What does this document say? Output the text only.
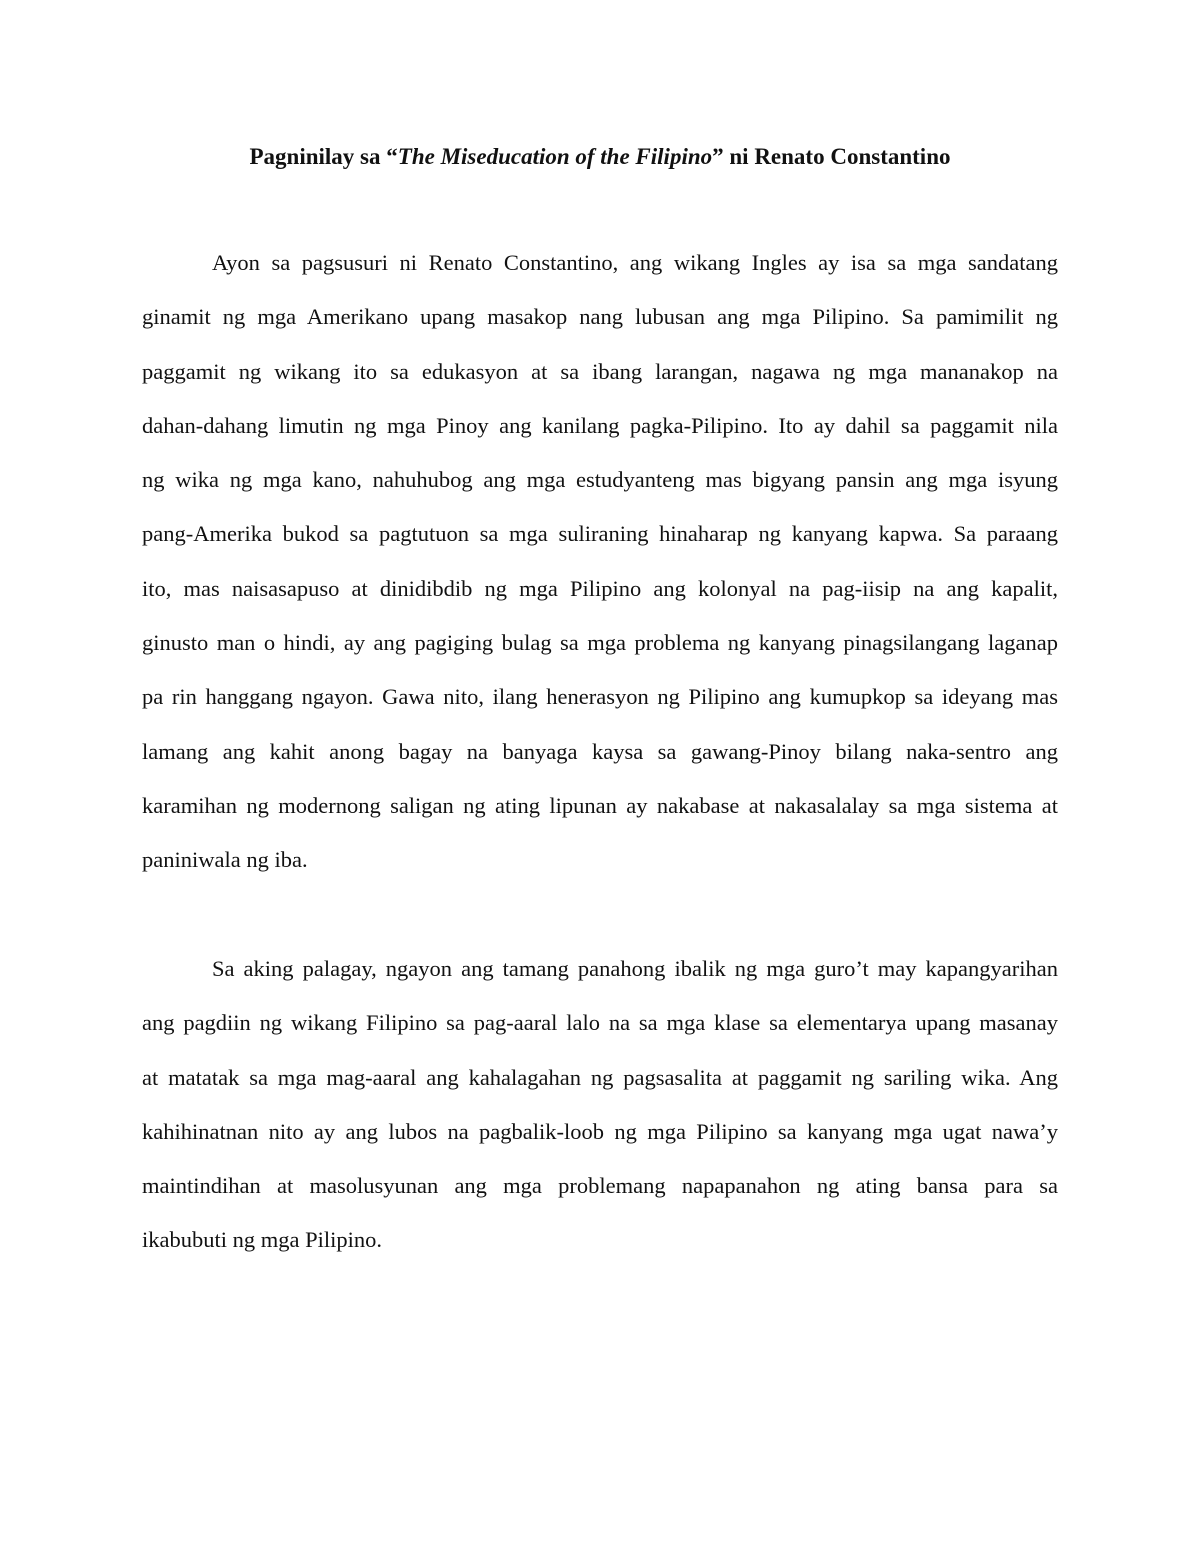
Pagninilay sa “The Miseducation of the Filipino” ni Renato Constantino
Ayon sa pagsusuri ni Renato Constantino, ang wikang Ingles ay isa sa mga sandatang
ginamit ng mga Amerikano upang masakop nang lubusan ang mga Pilipino. Sa pamimilit ng
paggamit ng wikang ito sa edukasyon at sa ibang larangan, nagawa ng mga mananakop na
dahan-dahang limutin ng mga Pinoy ang kanilang pagka-Pilipino. Ito ay dahil sa paggamit nila
ng wika ng mga kano, nahuhubog ang mga estudyanteng mas bigyang pansin ang mga isyung
pang-Amerika bukod sa pagtutuon sa mga suliraning hinaharap ng kanyang kapwa. Sa paraang
ito, mas naisasapuso at dinidibdib ng mga Pilipino ang kolonyal na pag-iisip na ang kapalit,
ginusto man o hindi, ay ang pagiging bulag sa mga problema ng kanyang pinagsilangang laganap
pa rin hanggang ngayon. Gawa nito, ilang henerasyon ng Pilipino ang kumupkop sa ideyang mas
lamang ang kahit anong bagay na banyaga kaysa sa gawang-Pinoy bilang naka-sentro ang
karamihan ng modernong saligan ng ating lipunan ay nakabase at nakasalalay sa mga sistema at
paniniwala ng iba.
Sa aking palagay, ngayon ang tamang panahong ibalik ng mga guro’t may kapangyarihan
ang pagdiin ng wikang Filipino sa pag-aaral lalo na sa mga klase sa elementarya upang masanay
at matatak sa mga mag-aaral ang kahalagahan ng pagsasalita at paggamit ng sariling wika. Ang
kahihinatnan nito ay ang lubos na pagbalik-loob ng mga Pilipino sa kanyang mga ugat nawa’y
maintindihan at masolusyunan ang mga problemang napapanahon ng ating bansa para sa
ikabubuti ng mga Pilipino.
